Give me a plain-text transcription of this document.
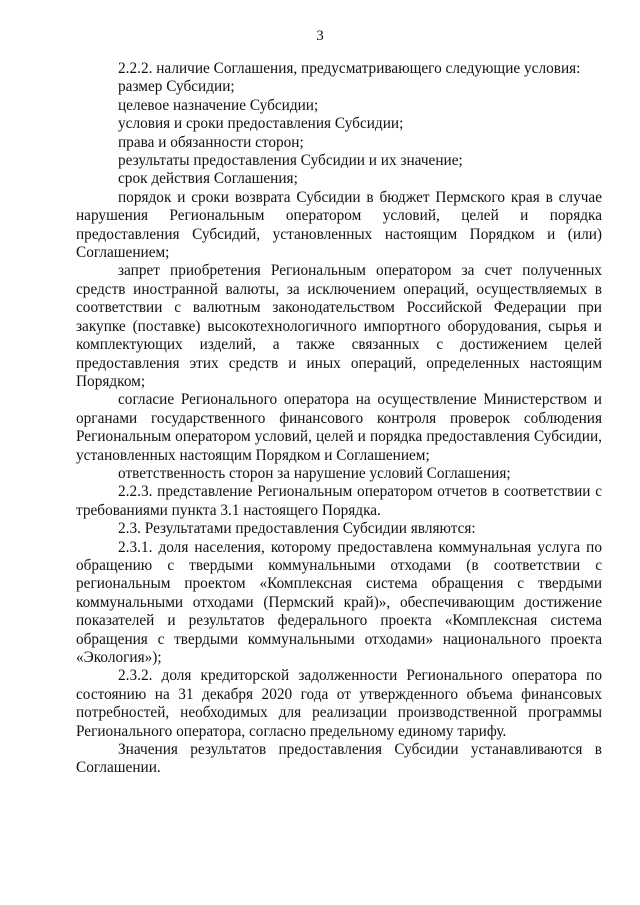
3

2.2.2. наличие Соглашения, предусматривающего следующие условия:

размер Субсидии;

целевое назначение Субсидии;

условия и сроки предоставления Субсидии;

права и обязанности сторон;

результаты предоставления Субсидии и их значение;

срок действия Соглашения;

порядок и сроки возврата Субсидии в бюджет Пермского края в случае нарушения Региональным оператором условий, целей и порядка предоставления Субсидий, установленных настоящим Порядком и (или) Соглашением;

запрет приобретения Региональным оператором за счет полученных средств иностранной валюты, за исключением операций, осуществляемых в соответствии с валютным законодательством Российской Федерации при закупке (поставке) высокотехнологичного импортного оборудования, сырья и комплектующих изделий, а также связанных с достижением целей предоставления этих средств и иных операций, определенных настоящим Порядком;

согласие Регионального оператора на осуществление Министерством и органами государственного финансового контроля проверок соблюдения Региональным оператором условий, целей и порядка предоставления Субсидии, установленных настоящим Порядком и Соглашением;

ответственность сторон за нарушение условий Соглашения;

2.2.3. представление Региональным оператором отчетов в соответствии с требованиями пункта 3.1 настоящего Порядка.

2.3. Результатами предоставления Субсидии являются:

2.3.1. доля населения, которому предоставлена коммунальная услуга по обращению с твердыми коммунальными отходами (в соответствии с региональным проектом «Комплексная система обращения с твердыми коммунальными отходами (Пермский край)», обеспечивающим достижение показателей и результатов федерального проекта «Комплексная система обращения с твердыми коммунальными отходами» национального проекта «Экология»);

2.3.2. доля кредиторской задолженности Регионального оператора по состоянию на 31 декабря 2020 года от утвержденного объема финансовых потребностей, необходимых для реализации производственной программы Регионального оператора, согласно предельному единому тарифу.

Значения результатов предоставления Субсидии устанавливаются в Соглашении.
